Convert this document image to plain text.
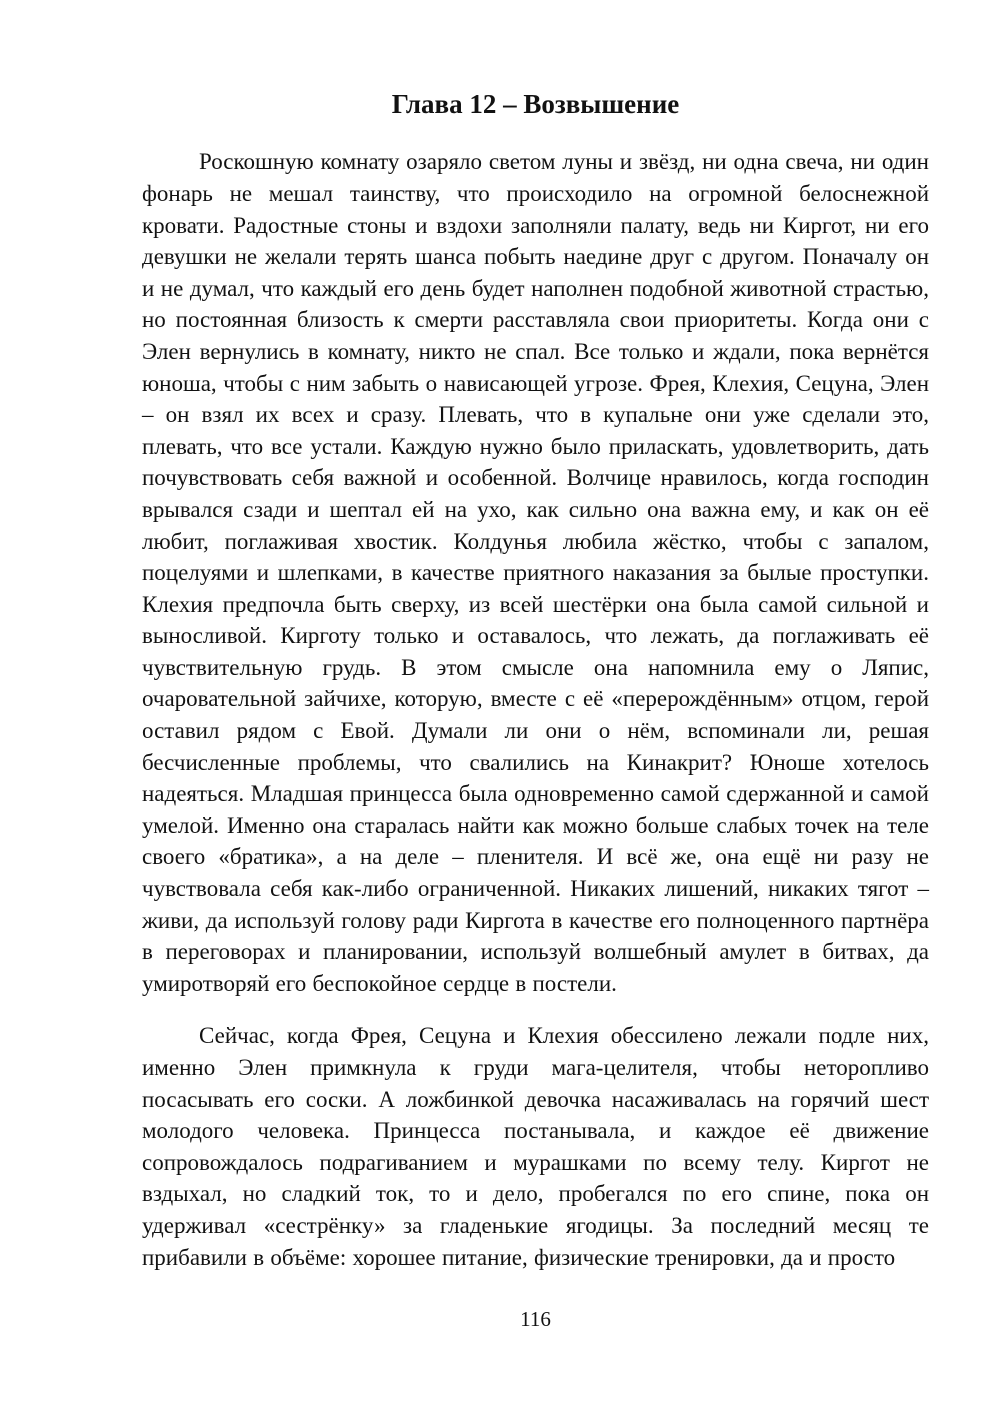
Глава 12 – Возвышение

Роскошную комнату озаряло светом луны и звёзд, ни одна свеча, ни один фонарь не мешал таинству, что происходило на огромной белоснежной кровати. Радостные стоны и вздохи заполняли палату, ведь ни Киргот, ни его девушки не желали терять шанса побыть наедине друг с другом. Поначалу он и не думал, что каждый его день будет наполнен подобной животной страстью, но постоянная близость к смерти расставляла свои приоритеты. Когда они с Элен вернулись в комнату, никто не спал. Все только и ждали, пока вернётся юноша, чтобы с ним забыть о нависающей угрозе. Фрея, Клехия, Сецуна, Элен – он взял их всех и сразу. Плевать, что в купальне они уже сделали это, плевать, что все устали. Каждую нужно было приласкать, удовлетворить, дать почувствовать себя важной и особенной. Волчице нравилось, когда господин врывался сзади и шептал ей на ухо, как сильно она важна ему, и как он её любит, поглаживая хвостик. Колдунья любила жёстко, чтобы с запалом, поцелуями и шлепками, в качестве приятного наказания за былые проступки. Клехия предпочла быть сверху, из всей шестёрки она была самой сильной и выносливой. Кирготу только и оставалось, что лежать, да поглаживать её чувствительную грудь. В этом смысле она напомнила ему о Ляпис, очаровательной зайчихе, которую, вместе с её «перерождённым» отцом, герой оставил рядом с Евой. Думали ли они о нём, вспоминали ли, решая бесчисленные проблемы, что свалились на Кинакрит? Юноше хотелось надеяться. Младшая принцесса была одновременно самой сдержанной и самой умелой. Именно она старалась найти как можно больше слабых точек на теле своего «братика», а на деле – пленителя. И всё же, она ещё ни разу не чувствовала себя как-либо ограниченной. Никаких лишений, никаких тягот – живи, да используй голову ради Киргота в качестве его полноценного партнёра в переговорах и планировании, используй волшебный амулет в битвах, да умиротворяй его беспокойное сердце в постели.

Сейчас, когда Фрея, Сецуна и Клехия обессилено лежали подле них, именно Элен примкнула к груди мага-целителя, чтобы неторопливо посасывать его соски. А ложбинкой девочка насаживалась на горячий шест молодого человека. Принцесса постанывала, и каждое её движение сопровождалось подрагиванием и мурашками по всему телу. Киргот не вздыхал, но сладкий ток, то и дело, пробегался по его спине, пока он удерживал «сестрёнку» за гладенькие ягодицы. За последний месяц те прибавили в объёме: хорошее питание, физические тренировки, да и просто

116
